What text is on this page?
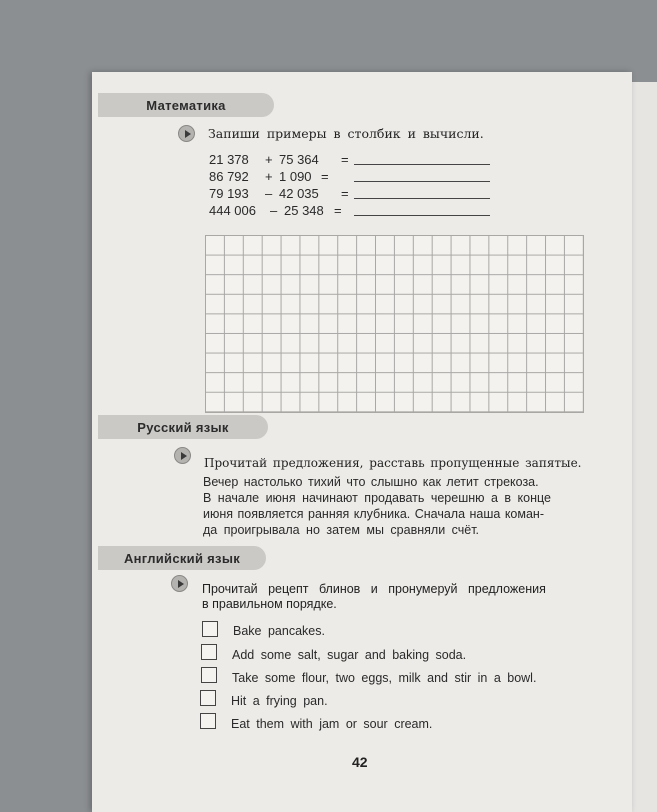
Математика
Запиши примеры в столбик и вычисли.
21 378 + 75 364 =
86 792 + 1 090 =
79 193 – 42 035 =
444 006 – 25 348 =
Русский язык
Прочитай предложения, расставь пропущенные запятые.
Вечер настолько тихий что слышно как летит стрекоза.
В начале июня начинают продавать черешню а в конце
июня появляется ранняя клубника. Сначала наша коман-
да проигрывала но затем мы сравняли счёт.
Английский язык
Прочитай рецепт блинов и пронумеруй предложения
в правильном порядке.
Bake pancakes.
Add some salt, sugar and baking soda.
Take some flour, two eggs, milk and stir in a bowl.
Hit a frying pan.
Eat them with jam or sour cream.
42
